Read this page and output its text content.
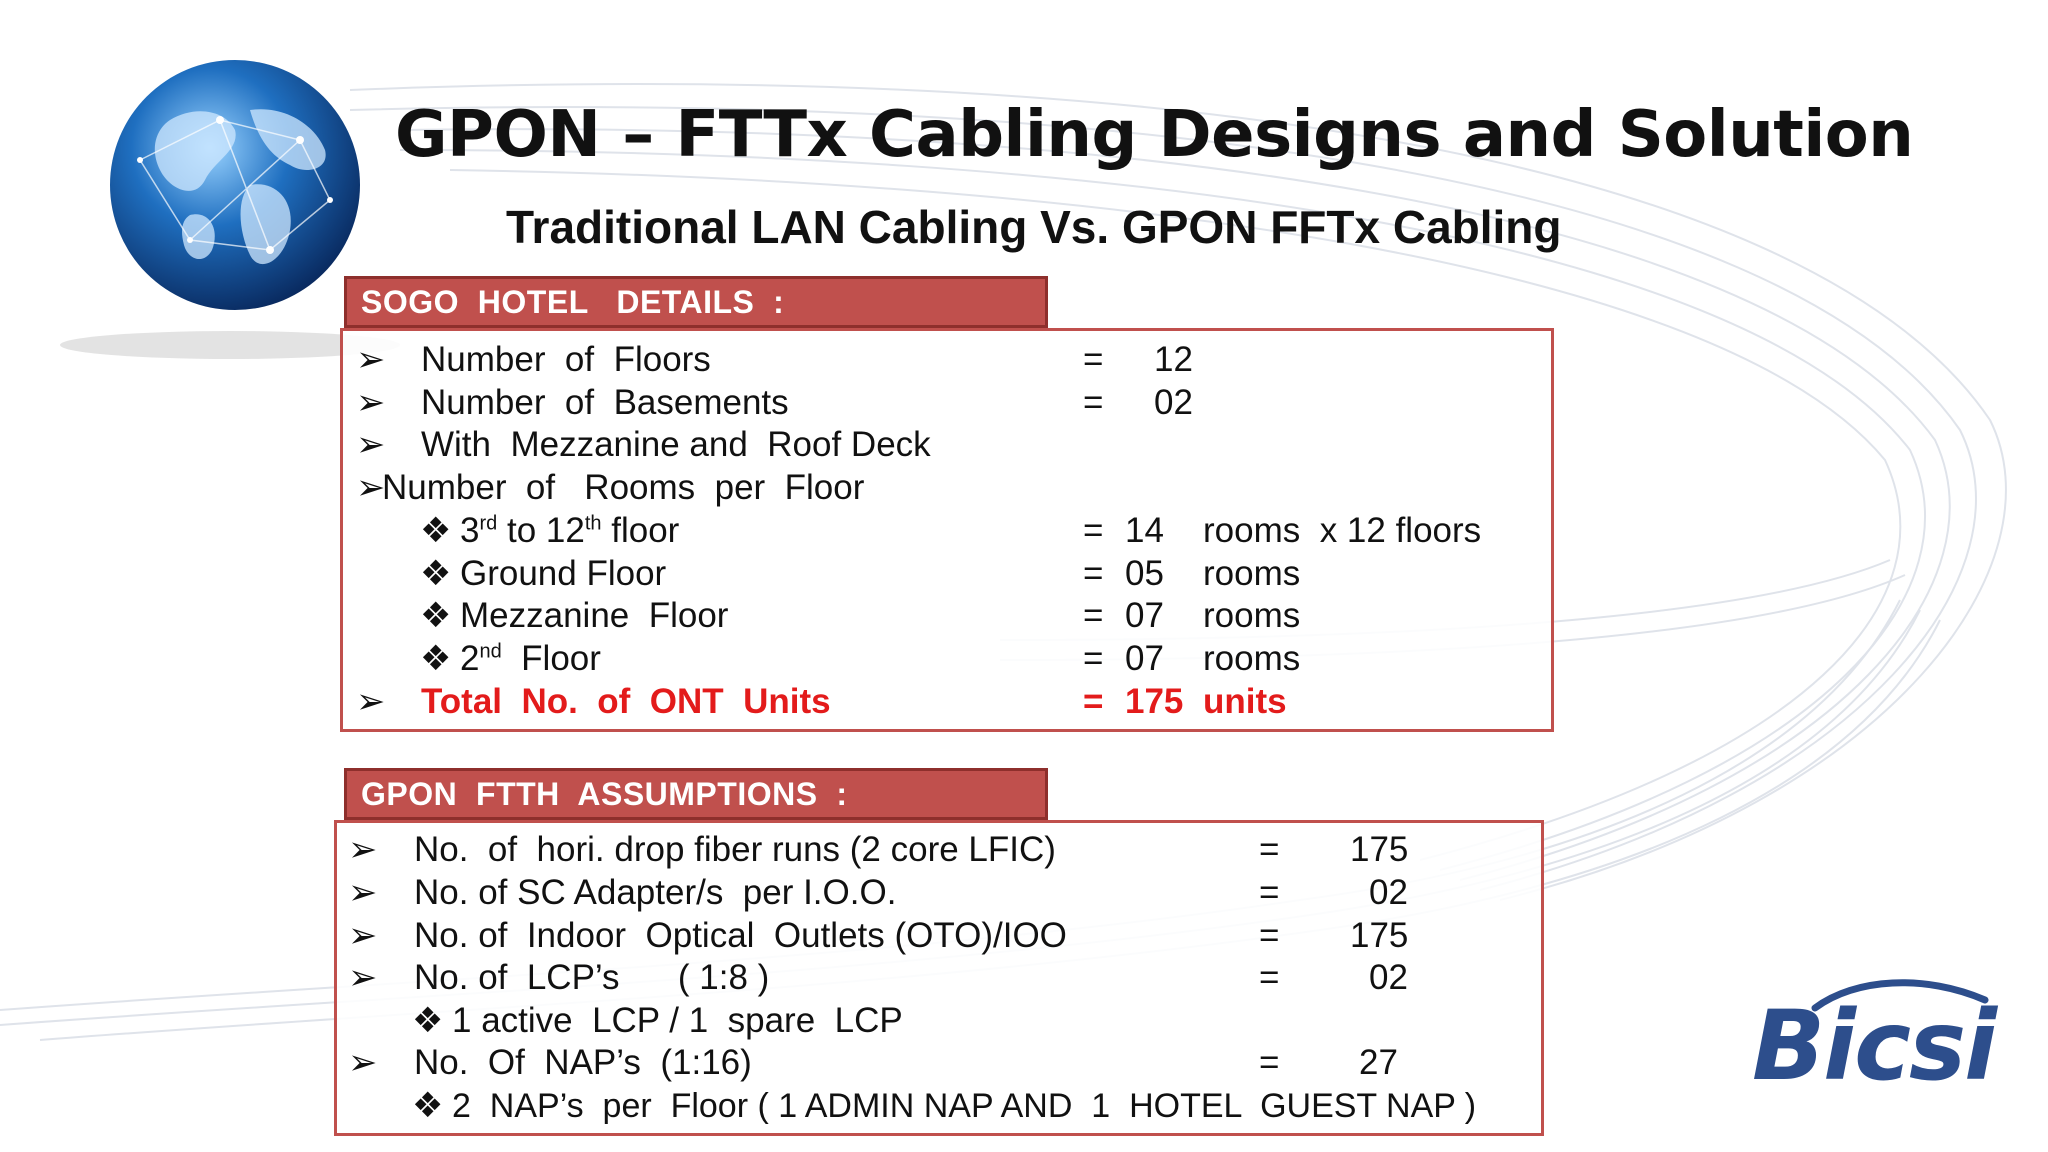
GPON – FTTx Cabling Designs and Solution
Traditional LAN Cabling Vs. GPON FFTx Cabling
SOGO  HOTEL   DETAILS  :
➢ Number  of  Floors	= 12
➢ Number  of  Basements	= 02
➢ With  Mezzanine and  Roof Deck
➢
Number  of   Rooms  per  Floor
❖ 3rd to 12th floor	= 14 rooms  x 12 floors
❖ Ground Floor	= 05 rooms
❖ Mezzanine  Floor	= 07 rooms
❖ 2nd  Floor	= 07 rooms
➢ Total  No.  of  ONT  Units	= 175 units
GPON  FTTH  ASSUMPTIONS  :
➢ No.  of  hori. drop fiber runs (2 core LFIC)	= 175
➢ No. of SC Adapter/s  per I.O.O.	=	02
➢ No. of  Indoor  Optical  Outlets (OTO)/IOO	= 175
➢ No. of  LCP’s      ( 1:8 )	=	02
❖ 1 active  LCP / 1  spare  LCP
➢ No.  Of  NAP’s  (1:16)	= 27
❖ 2  NAP’s  per  Floor ( 1 ADMIN NAP AND  1  HOTEL  GUEST NAP )
Bicsi
